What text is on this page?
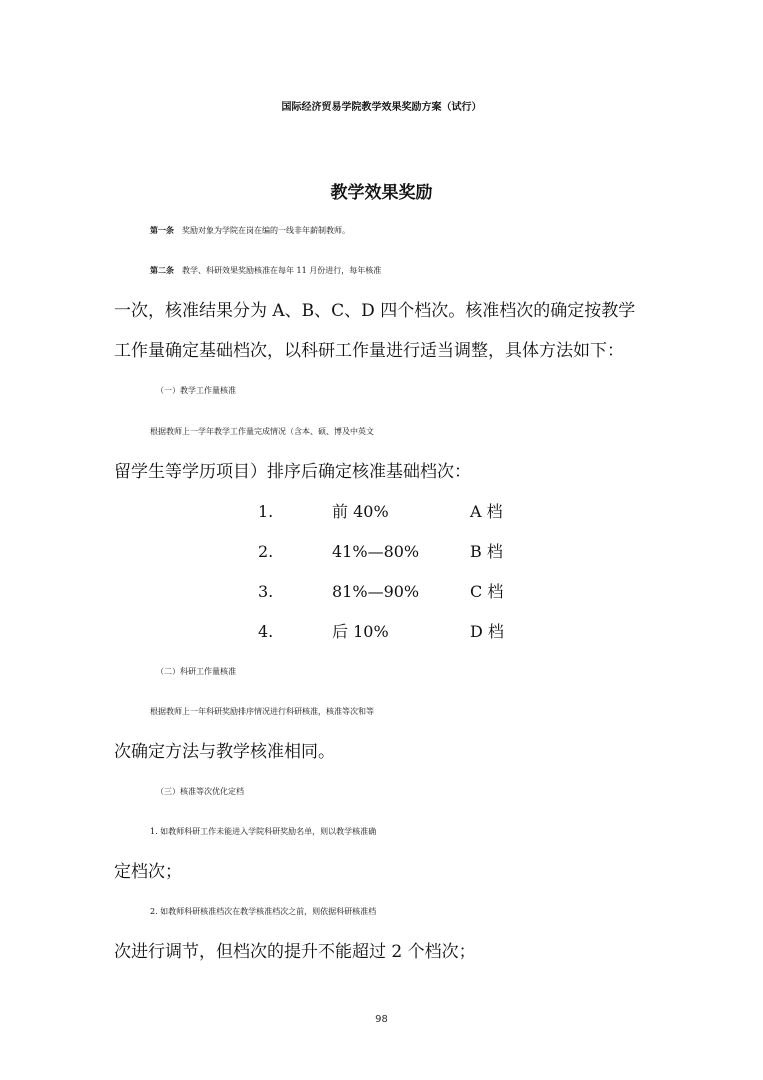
国际经济贸易学院教学效果奖励方案（试行）
教学效果奖励
第一条 奖励对象为学院在岗在编的一线非年薪制教师。
第二条 教学、科研效果奖励核准在每年 11 月份进行，每年核准
一次，核准结果分为 A、B、C、D 四个档次。核准档次的确定按教学
工作量确定基础档次，以科研工作量进行适当调整，具体方法如下：
（一）教学工作量核准
根据教师上一学年教学工作量完成情况（含本、硕、博及中英文
留学生等学历项目）排序后确定核准基础档次：
1.	前 40%	A 档
2.	41%—80%	B 档
3.	81%—90%	C 档
4.	后 10%	D 档
（二）科研工作量核准
根据教师上一年科研奖励排序情况进行科研核准，核准等次和等
次确定方法与教学核准相同。
（三）核准等次优化定档
1. 如教师科研工作未能进入学院科研奖励名单，则以教学核准确
定档次；
2. 如教师科研核准档次在教学核准档次之前，则依据科研核准档
次进行调节，但档次的提升不能超过 2 个档次；
98
